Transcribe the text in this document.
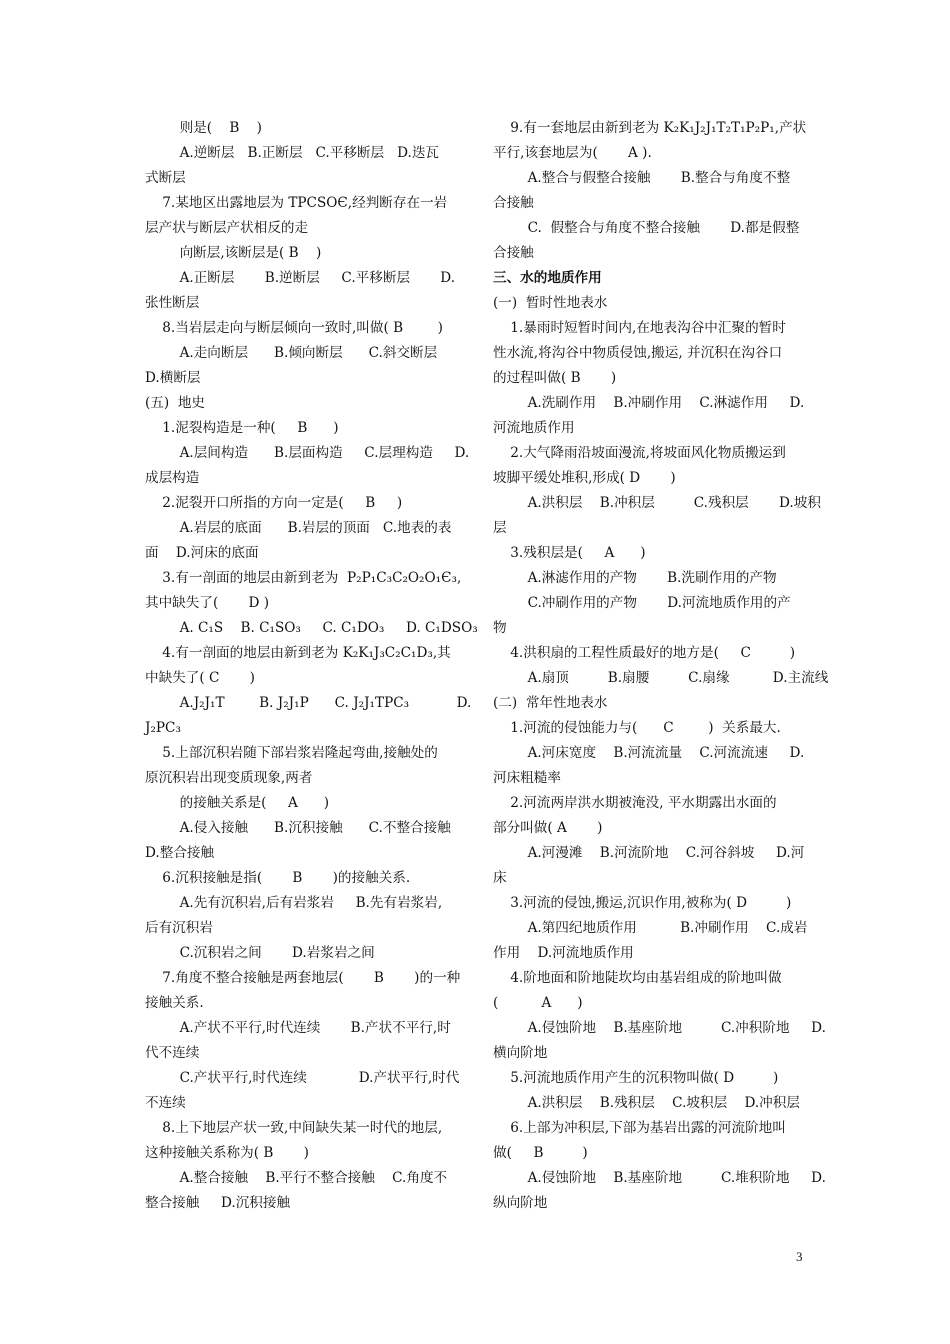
则是(    B    )
A.逆断层   B.正断层   C.平移断层   D.迭瓦
式断层
7.某地区出露地层为 TPCSOЄ,经判断存在一岩
层产状与断层产状相反的走
向断层,该断层是( B    )
A.正断层       B.逆断层     C.平移断层       D.
张性断层
8.当岩层走向与断层倾向一致时,叫做( B        )
A.走向断层      B.倾向断层      C.斜交断层
D.横断层
(五)  地史
1.泥裂构造是一种(     B      )
A.层间构造      B.层面构造     C.层理构造     D.
成层构造
2.泥裂开口所指的方向一定是(     B     )
A.岩层的底面      B.岩层的顶面   C.地表的表
面    D.河床的底面
3.有一剖面的地层由新到老为  P₂P₁C₃C₂O₂O₁Є₃,
其中缺失了(       D )
A. C₁S    B. C₁SO₃     C. C₁DO₃     D. C₁DSO₃
4.有一剖面的地层由新到老为 K₂K₁J₃C₂C₁D₃,其
中缺失了( C       )
A.J₂J₁T        B. J₂J₁P      C. J₂J₁TPC₃           D.
J₂PC₃
5.上部沉积岩随下部岩浆岩隆起弯曲,接触处的
原沉积岩出现变质现象,两者
的接触关系是(     A      )
A.侵入接触      B.沉积接触      C.不整合接触
D.整合接触
6.沉积接触是指(       B       )的接触关系.
A.先有沉积岩,后有岩浆岩     B.先有岩浆岩,
后有沉积岩
C.沉积岩之间       D.岩浆岩之间
7.角度不整合接触是两套地层(       B       )的一种
接触关系.
A.产状不平行,时代连续       B.产状不平行,时
代不连续
C.产状平行,时代连续            D.产状平行,时代
不连续
8.上下地层产状一致,中间缺失某一时代的地层,
这种接触关系称为( B       )
A.整合接触    B.平行不整合接触    C.角度不
整合接触     D.沉积接触
9.有一套地层由新到老为 K₂K₁J₂J₁T₂T₁P₂P₁,产状
平行,该套地层为(       A ).
A.整合与假整合接触       B.整合与角度不整
合接触
C.  假整合与角度不整合接触       D.都是假整
合接触
三、水的地质作用
(一)  暂时性地表水
1.暴雨时短暂时间内,在地表沟谷中汇聚的暂时
性水流,将沟谷中物质侵蚀,搬运, 并沉积在沟谷口
的过程叫做( B       )
A.洗刷作用    B.冲刷作用    C.淋滤作用     D.
河流地质作用
2.大气降雨沿坡面漫流,将坡面风化物质搬运到
坡脚平缓处堆积,形成( D       )
A.洪积层    B.冲积层         C.残积层       D.坡积
层
3.残积层是(     A      )
A.淋滤作用的产物       B.洗刷作用的产物
C.冲刷作用的产物       D.河流地质作用的产
物
4.洪积扇的工程性质最好的地方是(     C         )
A.扇顶         B.扇腰         C.扇缘          D.主流线
(二)  常年性地表水
1.河流的侵蚀能力与(      C        )  关系最大.
A.河床宽度    B.河流流量    C.河流流速     D.
河床粗糙率
2.河流两岸洪水期被淹没, 平水期露出水面的
部分叫做( A       )
A.河漫滩    B.河流阶地    C.河谷斜坡     D.河
床
3.河流的侵蚀,搬运,沉识作用,被称为( D         )
A.第四纪地质作用          B.冲刷作用    C.成岩
作用    D.河流地质作用
4.阶地面和阶地陡坎均由基岩组成的阶地叫做
(          A      )
A.侵蚀阶地    B.基座阶地         C.冲积阶地     D.
横向阶地
5.河流地质作用产生的沉积物叫做( D         )
A.洪积层    B.残积层    C.坡积层    D.冲积层
6.上部为冲积层,下部为基岩出露的河流阶地叫
做(     B         )
A.侵蚀阶地    B.基座阶地         C.堆积阶地     D.
纵向阶地
3
